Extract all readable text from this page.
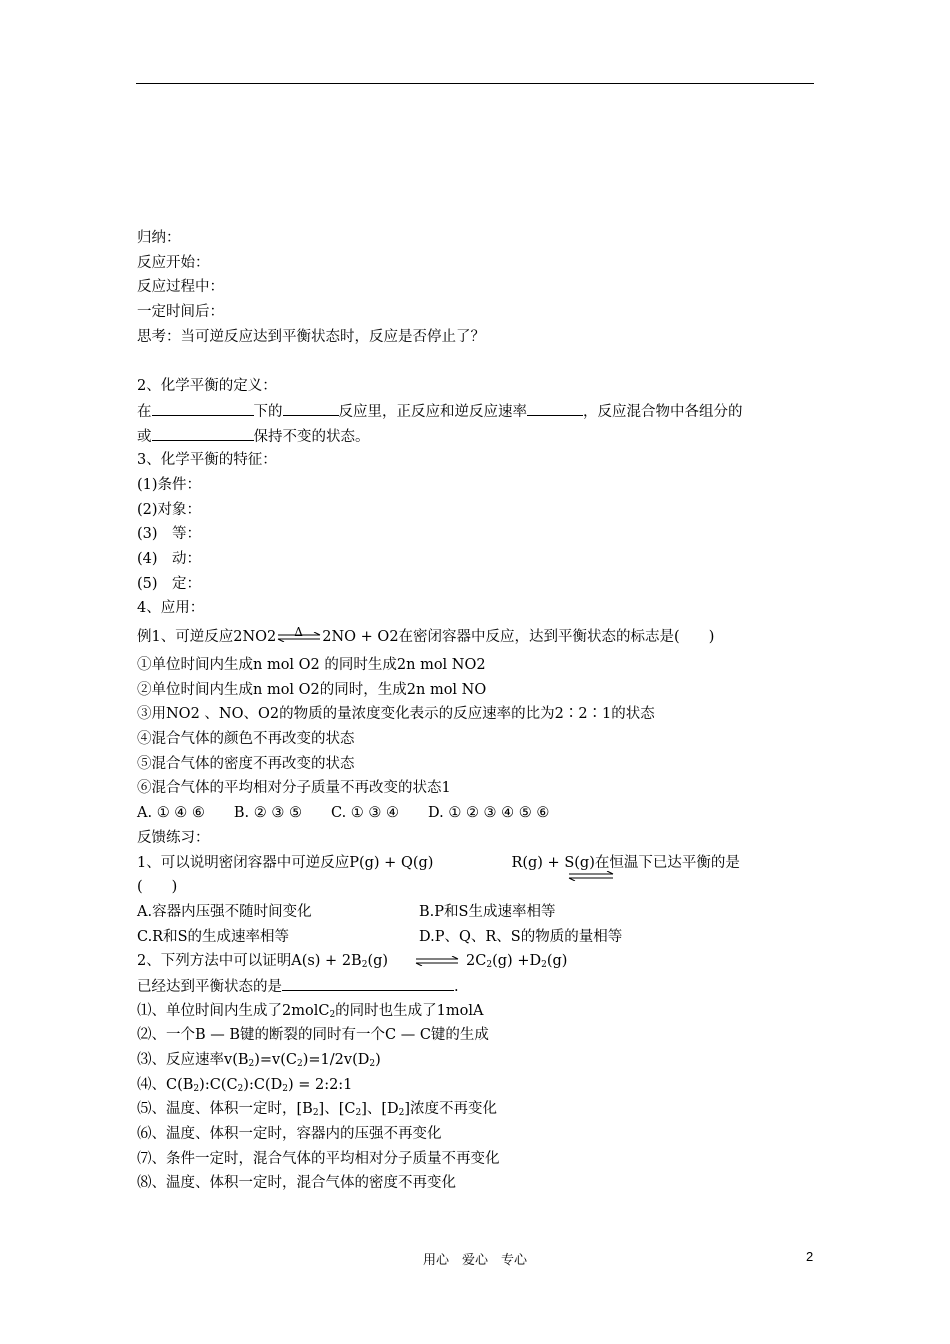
归纳：
反应开始：
反应过程中：
一定时间后：
思考：当可逆反应达到平衡状态时，反应是否停止了？
2、化学平衡的定义：
在	下的	反应里，正反应和逆反应速率	，反应混合物中各组分的
或	保持不变的状态。
3、化学平衡的特征：
(1)条件：
(2)对象：
(3)　等：
(4)　动：
(5)　定：
4、应用：
例1、可逆反应2NO2 Δ 2NO + O2在密闭容器中反应，达到平衡状态的标志是(　　)
①单位时间内生成n mol O2 的同时生成2n mol NO2
②单位时间内生成n mol O2的同时，生成2n mol NO
③用NO2 、NO、O2的物质的量浓度变化表示的反应速率的比为2∶2∶1的状态
④混合气体的颜色不再改变的状态
⑤混合气体的密度不再改变的状态
⑥混合气体的平均相对分子质量不再改变的状态1
A. ① ④ ⑥　　B. ② ③ ⑤　　C. ① ③ ④　　D. ① ② ③ ④ ⑤ ⑥
反馈练习：
1、可以说明密闭容器中可逆反应P(g) + Q(g)	R(g) + S(g)在恒温下已达平衡的是
(　　)
A.容器内压强不随时间变化	B.P和S生成速率相等
C.R和S的生成速率相等	D.P、Q、R、S的物质的量相等
2、下列方法中可以证明$A(s) + 2B_2(g)$ ⇌ $2C_2(g) +D_2(g)$
已经达到平衡状态的是	.
⑴、单位时间内生成了2molC$_2$的同时也生成了1molA
⑵、一个B — B键的断裂的同时有一个C — C键的生成
⑶、反应速率$v(B_2)=v(C_2)=1/2v(D_2)$
⑷、$C(B_2):C(C_2):C(D_2)$ = 2:2:1
⑸、温度、体积一定时，$[B_2]$、$[C_2]$、$[D_2]$浓度不再变化
⑹、温度、体积一定时，容器内的压强不再变化
⑺、条件一定时，混合气体的平均相对分子质量不再变化
⑻、温度、体积一定时，混合气体的密度不再变化
用心　爱心　专心	2
